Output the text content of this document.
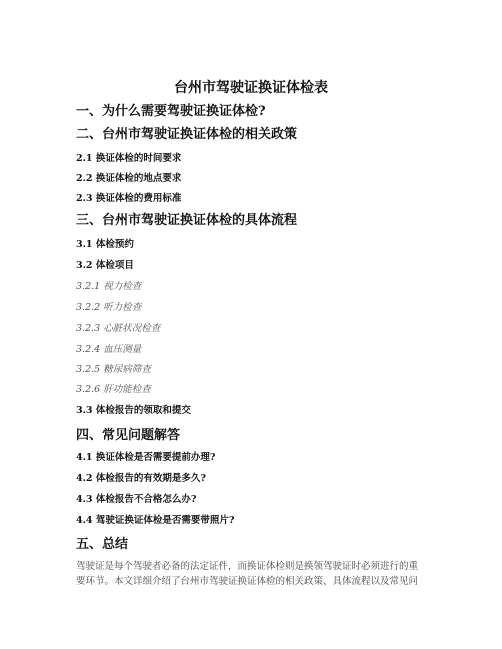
台州市驾驶证换证体检表
一、为什么需要驾驶证换证体检?
二、台州市驾驶证换证体检的相关政策
2.1 换证体检的时间要求
2.2 换证体检的地点要求
2.3 换证体检的费用标准
三、台州市驾驶证换证体检的具体流程
3.1 体检预约
3.2 体检项目
3.2.1 视力检查
3.2.2 听力检查
3.2.3 心脏状况检查
3.2.4 血压测量
3.2.5 糖尿病筛查
3.2.6 肝功能检查
3.3 体检报告的领取和提交
四、常见问题解答
4.1 换证体检是否需要提前办理?
4.2 体检报告的有效期是多久?
4.3 体检报告不合格怎么办?
4.4 驾驶证换证体检是否需要带照片?
五、总结
驾驶证是每个驾驶者必备的法定证件，而换证体检则是换领驾驶证时必须进行的重
要环节。本文详细介绍了台州市驾驶证换证体检的相关政策、具体流程以及常见问
